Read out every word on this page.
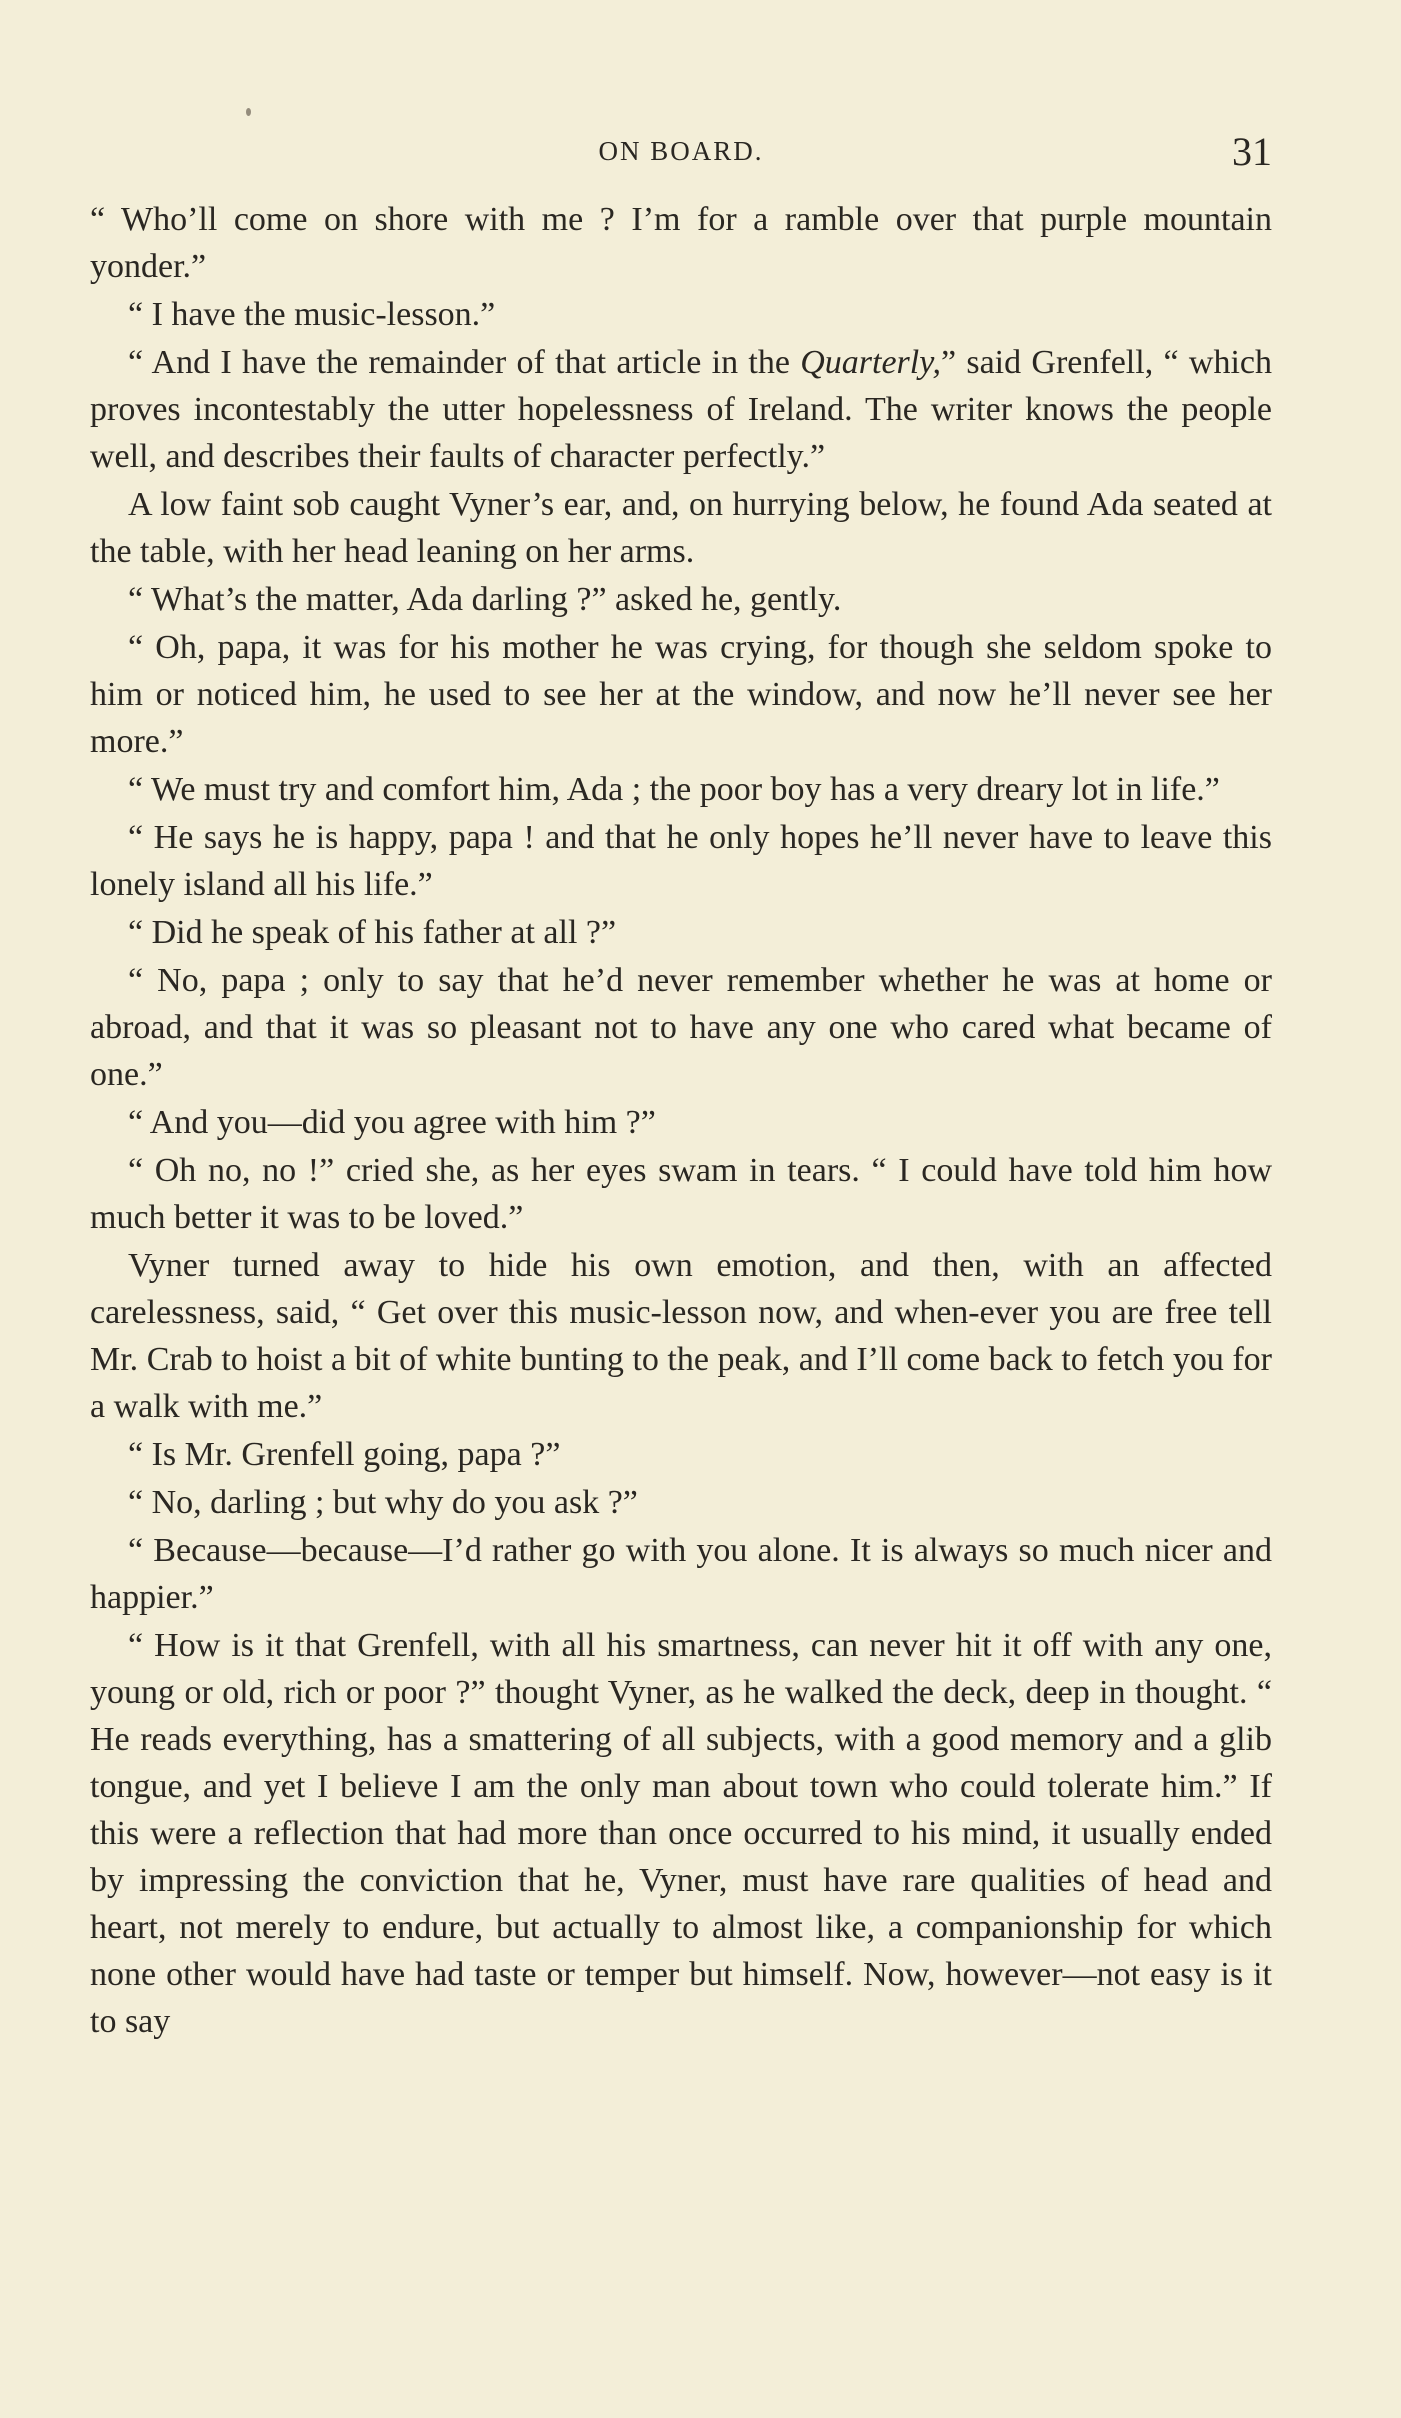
ON BOARD.	31

“ Who’ll come on shore with me ? I’m for a ramble over that purple mountain yonder.”

“ I have the music-lesson.”

“ And I have the remainder of that article in the Quarterly,” said Grenfell, “ which proves incontestably the utter hopelessness of Ireland. The writer knows the people well, and describes their faults of character perfectly.”

A low faint sob caught Vyner’s ear, and, on hurrying below, he found Ada seated at the table, with her head leaning on her arms.

“ What’s the matter, Ada darling ?” asked he, gently.

“ Oh, papa, it was for his mother he was crying, for though she seldom spoke to him or noticed him, he used to see her at the window, and now he’ll never see her more.”

“ We must try and comfort him, Ada ; the poor boy has a very dreary lot in life.”

“ He says he is happy, papa ! and that he only hopes he’ll never have to leave this lonely island all his life.”

“ Did he speak of his father at all ?”

“ No, papa ; only to say that he’d never remember whether he was at home or abroad, and that it was so pleasant not to have any one who cared what became of one.”

“ And you—did you agree with him ?”

“ Oh no, no !” cried she, as her eyes swam in tears. “ I could have told him how much better it was to be loved.”

Vyner turned away to hide his own emotion, and then, with an affected carelessness, said, “ Get over this music-lesson now, and when-ever you are free tell Mr. Crab to hoist a bit of white bunting to the peak, and I’ll come back to fetch you for a walk with me.”

“ Is Mr. Grenfell going, papa ?”

“ No, darling ; but why do you ask ?”

“ Because—because—I’d rather go with you alone. It is always so much nicer and happier.”

“ How is it that Grenfell, with all his smartness, can never hit it off with any one, young or old, rich or poor ?” thought Vyner, as he walked the deck, deep in thought. “ He reads everything, has a smattering of all subjects, with a good memory and a glib tongue, and yet I believe I am the only man about town who could tolerate him.” If this were a reflection that had more than once occurred to his mind, it usually ended by impressing the conviction that he, Vyner, must have rare qualities of head and heart, not merely to endure, but actually to almost like, a companionship for which none other would have had taste or temper but himself. Now, however—not easy is it to say
